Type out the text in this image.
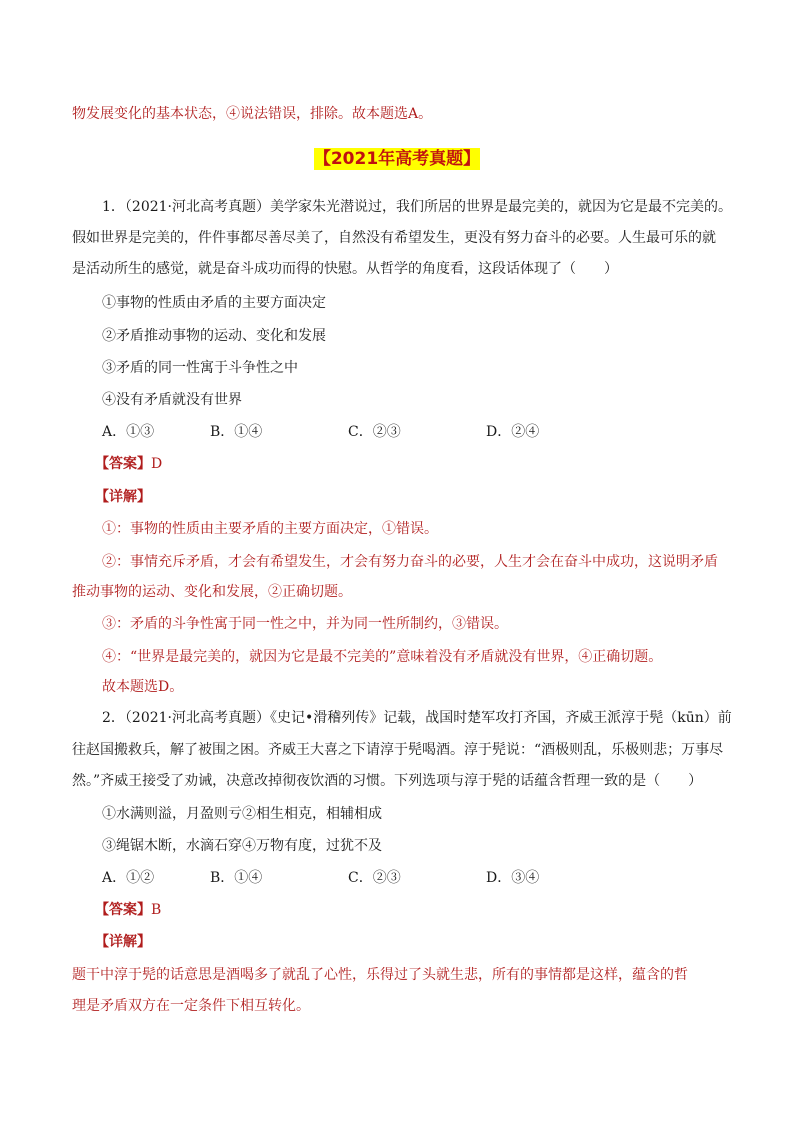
物发展变化的基本状态，④说法错误，排除。故本题选A。
【2021年高考真题】
1．（2021·河北高考真题）美学家朱光潜说过，我们所居的世界是最完美的，就因为它是最不完美的。
假如世界是完美的，件件事都尽善尽美了，自然没有希望发生，更没有努力奋斗的必要。人生最可乐的就
是活动所生的感觉，就是奋斗成功而得的快慰。从哲学的角度看，这段话体现了（　　）
①事物的性质由矛盾的主要方面决定
②矛盾推动事物的运动、变化和发展
③矛盾的同一性寓于斗争性之中
④没有矛盾就没有世界
A．①③	B．①④	C．②③	D．②④
【答案】D
【详解】
①：事物的性质由主要矛盾的主要方面决定，①错误。
②：事情充斥矛盾，才会有希望发生，才会有努力奋斗的必要，人生才会在奋斗中成功，这说明矛盾
推动事物的运动、变化和发展，②正确切题。
③：矛盾的斗争性寓于同一性之中，并为同一性所制约，③错误。
④：“世界是最完美的，就因为它是最不完美的”意味着没有矛盾就没有世界，④正确切题。
故本题选D。
2．（2021·河北高考真题）《史记•滑稽列传》记载，战国时楚军攻打齐国，齐威王派淳于髡（kūn）前
往赵国搬救兵，解了被围之困。齐威王大喜之下请淳于髡喝酒。淳于髡说：“酒极则乱，乐极则悲；万事尽
然。”齐威王接受了劝诫，决意改掉彻夜饮酒的习惯。下列选项与淳于髡的话蕴含哲理一致的是（　　）
①水满则溢，月盈则亏②相生相克，相辅相成
③绳锯木断，水滴石穿④万物有度，过犹不及
A．①②	B．①④	C．②③	D．③④
【答案】B
【详解】
题干中淳于髡的话意思是酒喝多了就乱了心性，乐得过了头就生悲，所有的事情都是这样，蕴含的哲
理是矛盾双方在一定条件下相互转化。
